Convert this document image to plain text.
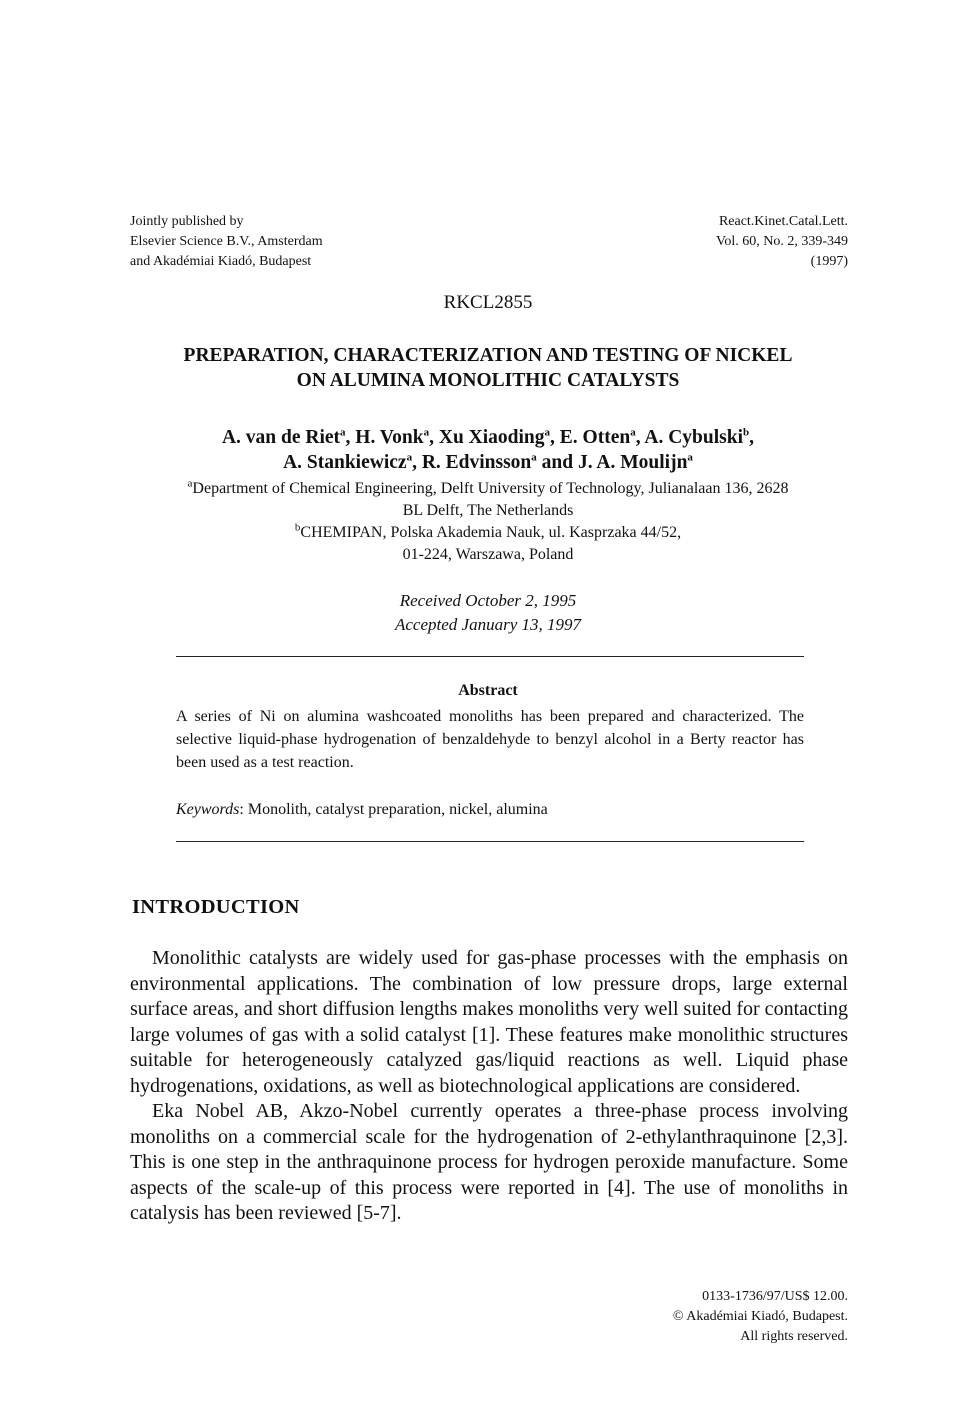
Jointly published by
Elsevier Science B.V., Amsterdam
and Akadémiai Kiadó, Budapest
React.Kinet.Catal.Lett.
Vol. 60, No. 2, 339-349
(1997)
RKCL2855
PREPARATION, CHARACTERIZATION AND TESTING OF NICKEL
ON ALUMINA MONOLITHIC CATALYSTS
A. van de Riet$^a$, H. Vonk$^a$, Xu Xiaoding$^a$, E. Otten$^a$, A. Cybulski$^b$,
A. Stankiewicz$^a$, R. Edvinsson$^a$ and J. A. Moulijn$^a$
$^a$Department of Chemical Engineering, Delft University of Technology, Julianalaan 136, 2628
BL Delft, The Netherlands
$^b$CHEMIPAN, Polska Akademia Nauk, ul. Kasprzaka 44/52,
01-224, Warszawa, Poland
Received October 2, 1995
Accepted January 13, 1997
Abstract
A series of Ni on alumina washcoated monoliths has been prepared and characterized. The selective liquid-phase hydrogenation of benzaldehyde to benzyl alcohol in a Berty reactor has been used as a test reaction.
Keywords: Monolith, catalyst preparation, nickel, alumina
INTRODUCTION

Monolithic catalysts are widely used for gas-phase processes with the emphasis on environmental applications. The combination of low pressure drops, large external surface areas, and short diffusion lengths makes monoliths very well suited for contacting large volumes of gas with a solid catalyst [1]. These features make monolithic structures suitable for heterogeneously catalyzed gas/liquid reactions as well. Liquid phase hydrogenations, oxidations, as well as biotechnological applications are considered.

Eka Nobel AB, Akzo-Nobel currently operates a three-phase process involving monoliths on a commercial scale for the hydrogenation of 2-ethylanthraquinone [2,3]. This is one step in the anthraquinone process for hydrogen peroxide manufacture. Some aspects of the scale-up of this process were reported in [4]. The use of monoliths in catalysis has been reviewed [5-7].

0133-1736/97/US$ 12.00.
© Akadémiai Kiadó, Budapest.
All rights reserved.
